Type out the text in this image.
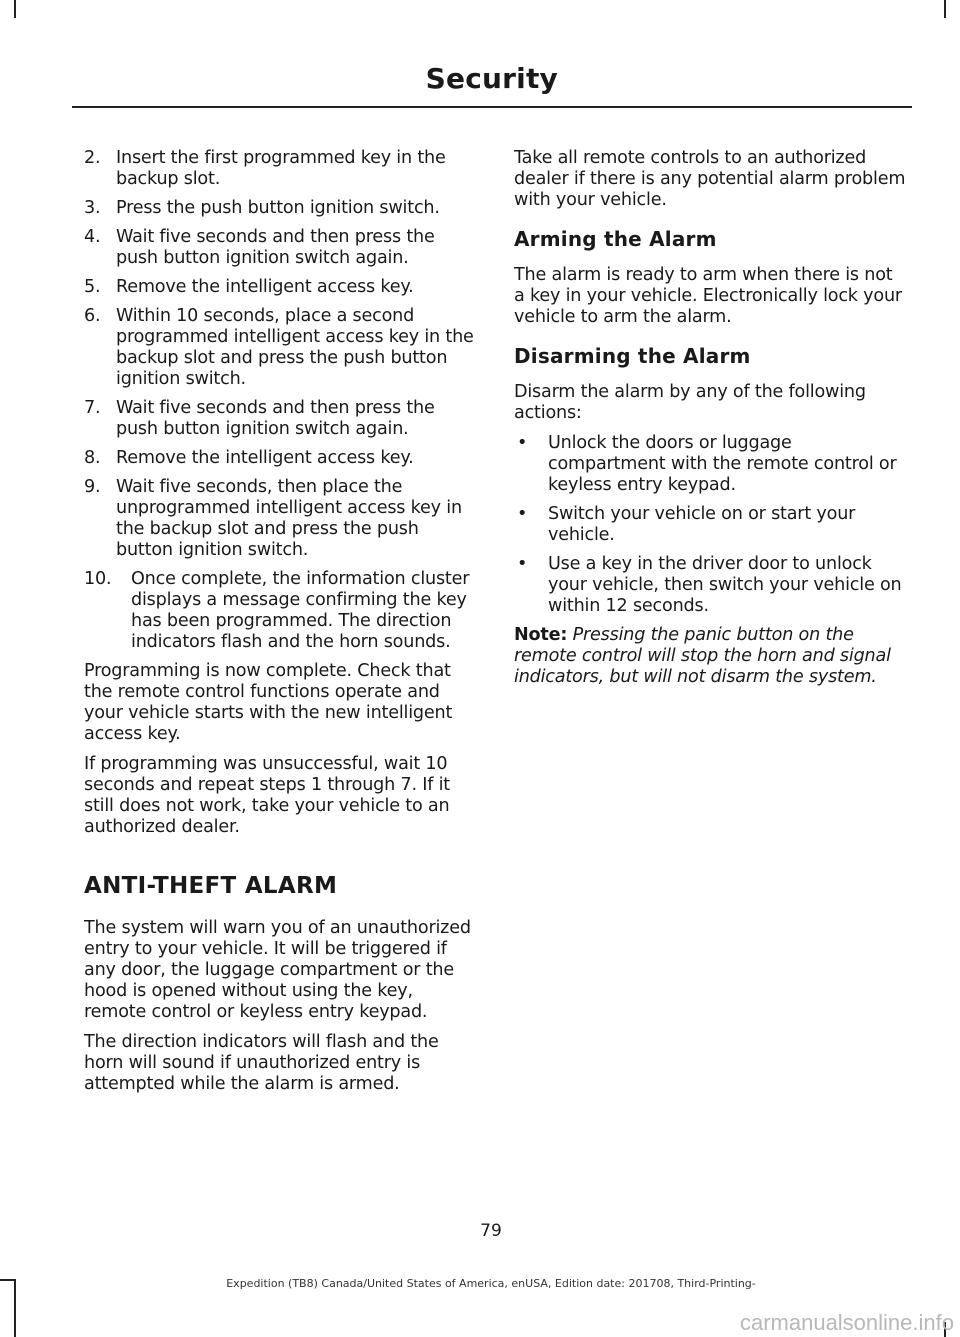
Security
2. Insert the first programmed key in the backup slot.
3. Press the push button ignition switch.
4. Wait five seconds and then press the push button ignition switch again.
5. Remove the intelligent access key.
6. Within 10 seconds, place a second programmed intelligent access key in the backup slot and press the push button ignition switch.
7. Wait five seconds and then press the push button ignition switch again.
8. Remove the intelligent access key.
9. Wait five seconds, then place the unprogrammed intelligent access key in the backup slot and press the push button ignition switch.
10. Once complete, the information cluster displays a message confirming the key has been programmed. The direction indicators flash and the horn sounds.

Programming is now complete. Check that the remote control functions operate and your vehicle starts with the new intelligent access key.

If programming was unsuccessful, wait 10 seconds and repeat steps 1 through 7. If it still does not work, take your vehicle to an authorized dealer.

ANTI-THEFT ALARM

The system will warn you of an unauthorized entry to your vehicle. It will be triggered if any door, the luggage compartment or the hood is opened without using the key, remote control or keyless entry keypad.

The direction indicators will flash and the horn will sound if unauthorized entry is attempted while the alarm is armed.

Take all remote controls to an authorized dealer if there is any potential alarm problem with your vehicle.

Arming the Alarm

The alarm is ready to arm when there is not a key in your vehicle. Electronically lock your vehicle to arm the alarm.

Disarming the Alarm

Disarm the alarm by any of the following actions:

• Unlock the doors or luggage compartment with the remote control or keyless entry keypad.
• Switch your vehicle on or start your vehicle.
• Use a key in the driver door to unlock your vehicle, then switch your vehicle on within 12 seconds.

Note: Pressing the panic button on the remote control will stop the horn and signal indicators, but will not disarm the system.

79
Expedition (TB8) Canada/United States of America, enUSA, Edition date: 201708, Third-Printing-
carmanualsonline.info
